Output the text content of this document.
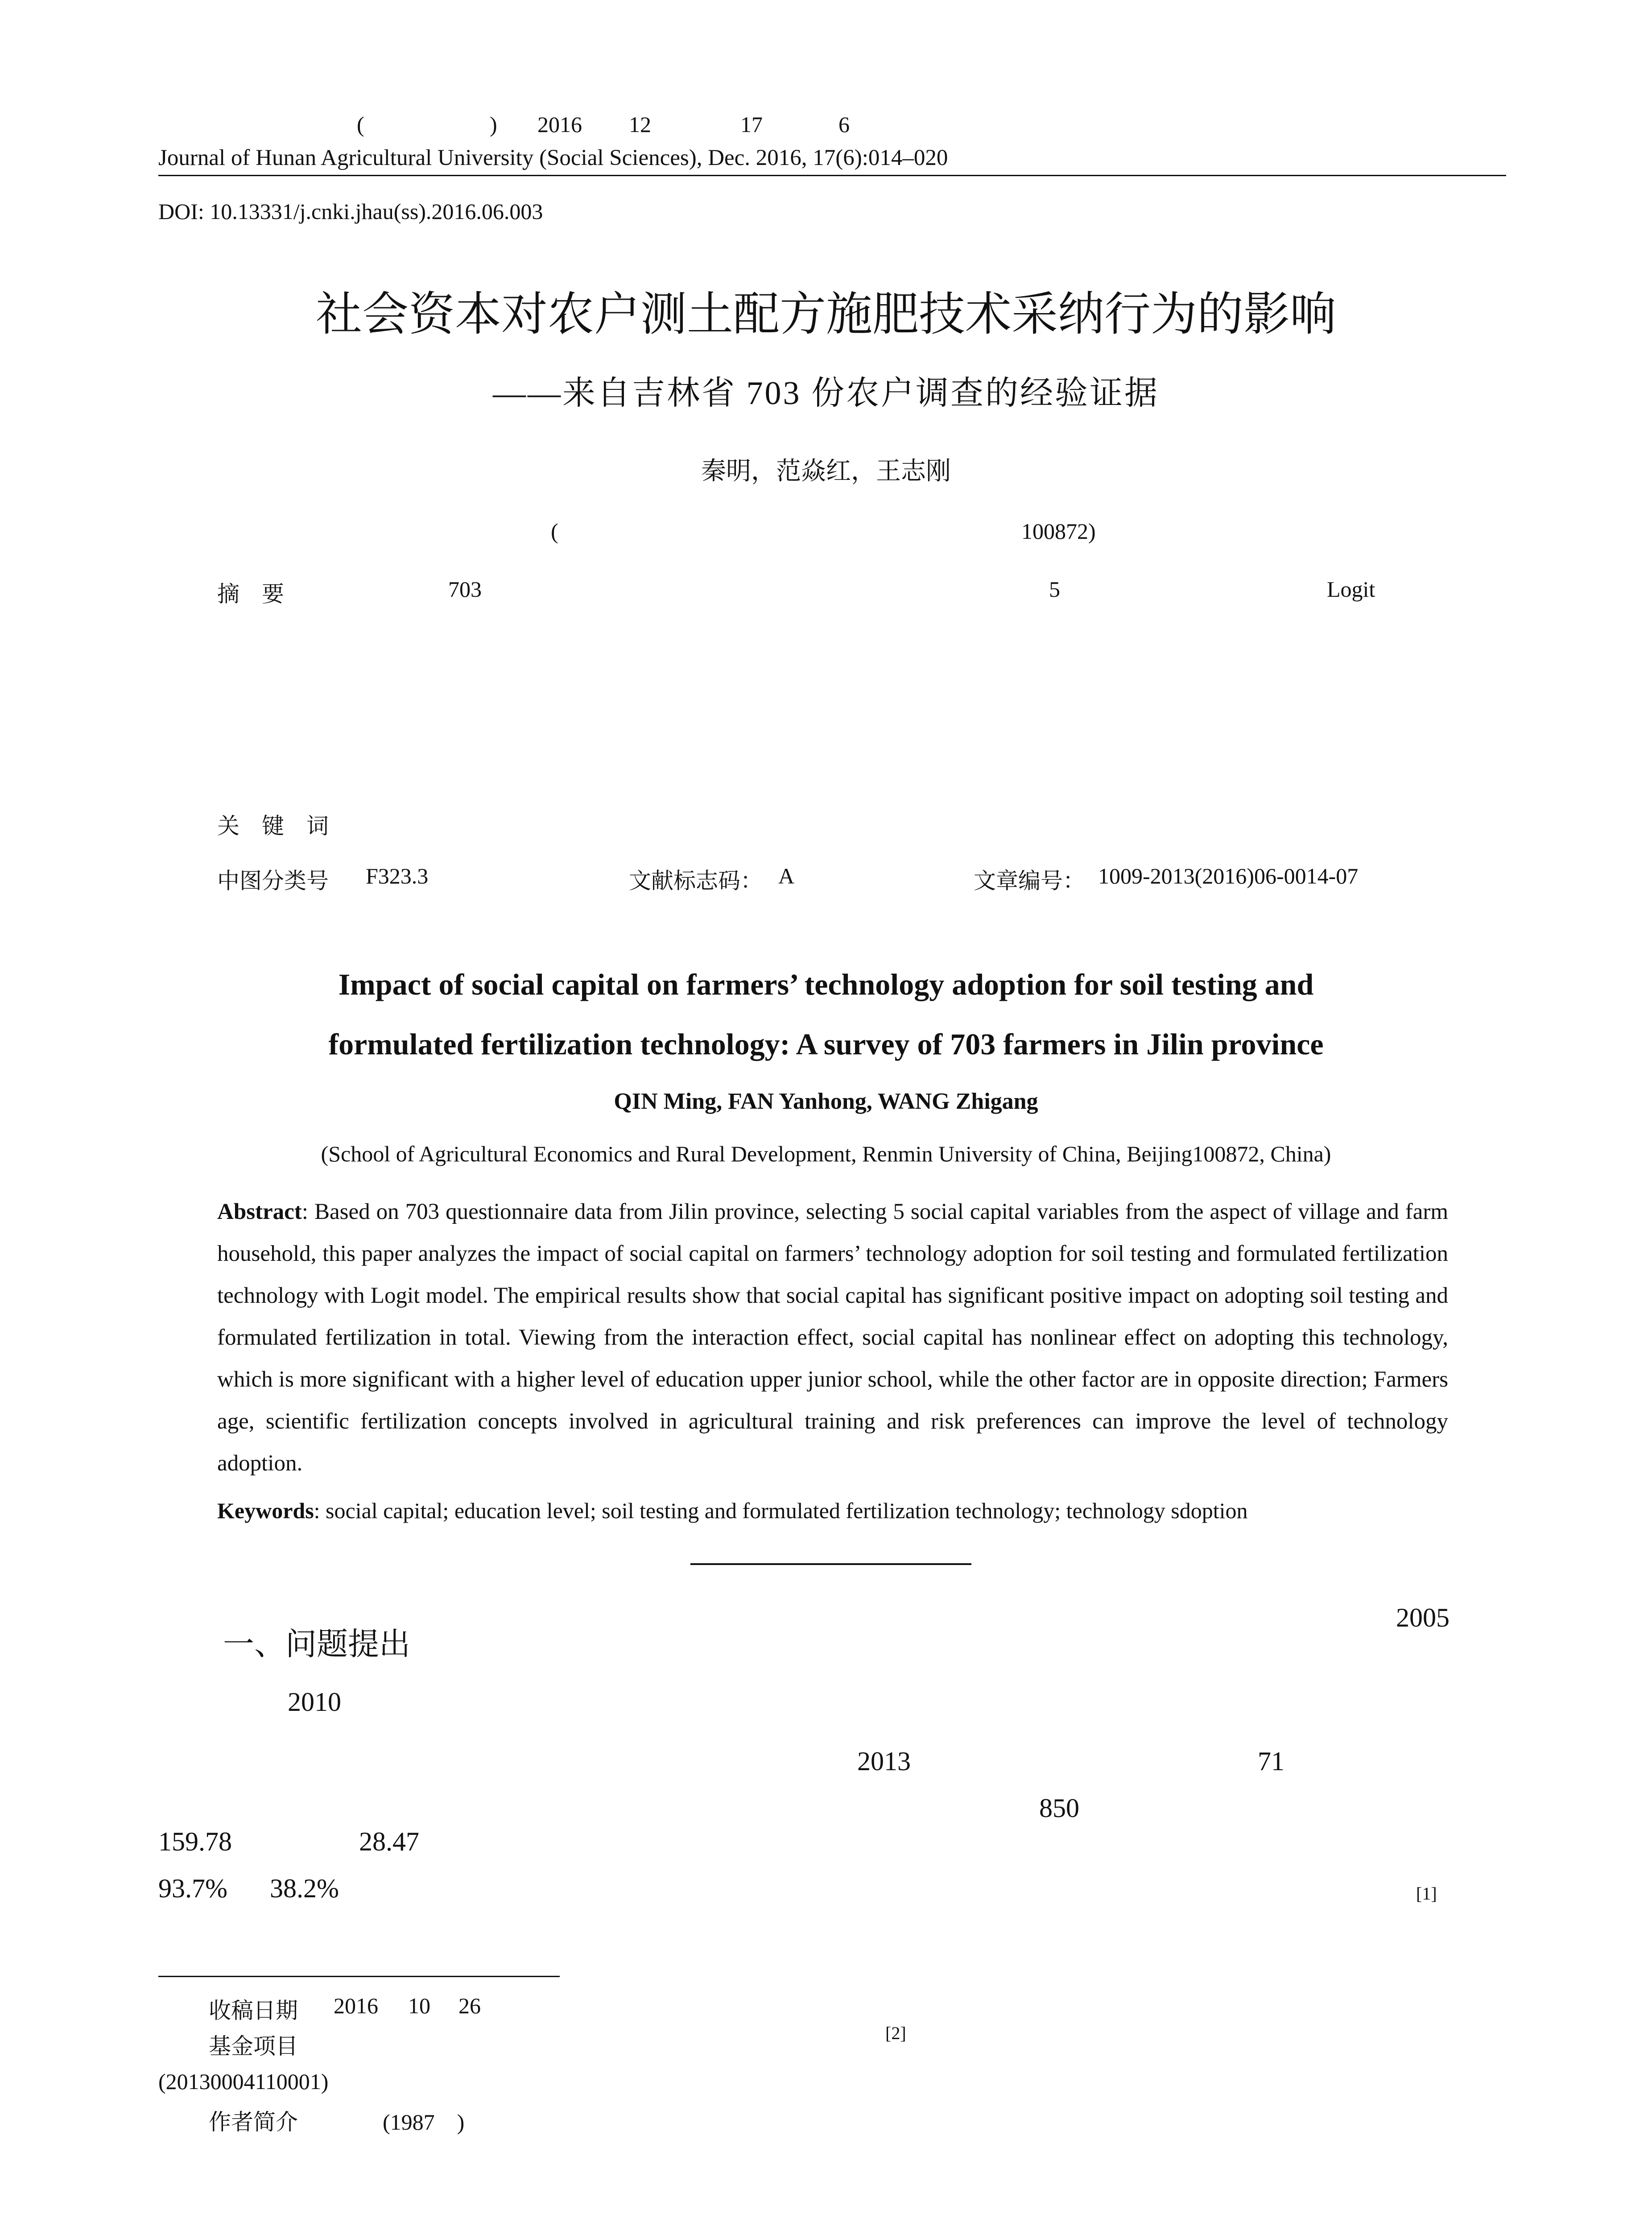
(	) 2016 12	17	6
Journal of Hunan Agricultural University (Social Sciences), Dec. 2016, 17(6):014–020
DOI: 10.13331/j.cnki.jhau(ss).2016.06.003
社会资本对农户测土配方施肥技术采纳行为的影响
——来自吉林省 703 份农户调查的经验证据
秦明，范焱红，王志刚
(	100872)
摘　要	703	5	Logit
关　键　词
中图分类号 F323.3	文献标志码： A	文章编号： 1009-2013(2016)06-0014-07
Impact of social capital on farmers’ technology adoption for soil testing and
formulated fertilization technology: A survey of 703 farmers in Jilin province
QIN Ming, FAN Yanhong, WANG Zhigang
(School of Agricultural Economics and Rural Development, Renmin University of China, Beijing100872, China)
Abstract: Based on 703 questionnaire data from Jilin province, selecting 5 social capital variables from the aspect of village and farm household, this paper analyzes the impact of social capital on farmers’ technology adoption for soil testing and formulated fertilization technology with Logit model. The empirical results show that social capital has significant positive impact on adopting soil testing and formulated fertilization in total. Viewing from the interaction effect, social capital has nonlinear effect on adopting this technology, which is more significant with a higher level of education upper junior school, while the other factor are in opposite direction; Farmers age, scientific fertilization concepts involved in agricultural training and risk preferences can improve the level of technology adoption.
Keywords: social capital; education level; soil testing and formulated fertilization technology; technology sdoption
一、问题提出
2005
2010
2013	71
850
159.78	28.47
93.7% 38.2%	[1]
收稿日期 2016 10 26
基金项目
[2]
(20130004110001)
作者简介	(1987　)
